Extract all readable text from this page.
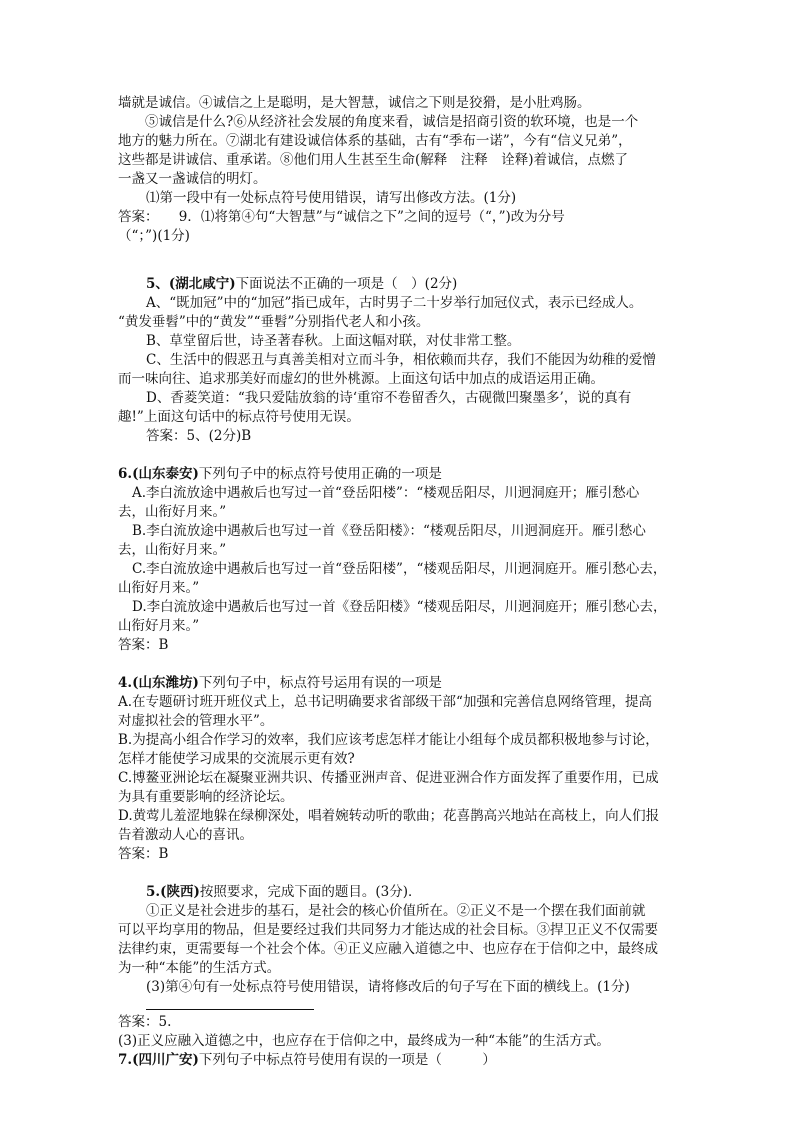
墙就是诚信。④诚信之上是聪明，是大智慧，诚信之下则是狡猾，是小肚鸡肠。

⑤诚信是什么?⑥从经济社会发展的角度来看，诚信是招商引资的软环境，也是一个

地方的魅力所在。⑦湖北有建设诚信体系的基础，古有“季布一诺”，今有“信义兄弟”，

这些都是讲诚信、重承诺。⑧他们用人生甚至生命(解释　注释　诠释)着诚信，点燃了

一盏又一盏诚信的明灯。

⑴第一段中有一处标点符号使用错误，请写出修改方法。(1分)

答案：　　9．⑴将第④句“大智慧”与“诚信之下”之间的逗号（“，”)改为分号

（“；”)(1分)

5、(湖北咸宁)下面说法不正确的一项是（　）(2分)

A、“既加冠”中的“加冠”指已成年，古时男子二十岁举行加冠仪式，表示已经成人。

“黄发垂髫”中的“黄发”“垂髫”分别指代老人和小孩。

B、草堂留后世，诗圣著春秋。上面这幅对联，对仗非常工整。

C、生活中的假恶丑与真善美相对立而斗争，相依赖而共存，我们不能因为幼稚的爱憎

而一味向往、追求那美好而虚幻的世外桃源。上面这句话中加点的成语运用正确。

D、香菱笑道：“我只爱陆放翁的诗‘重帘不卷留香久，古砚微凹聚墨多’，说的真有

趣!”上面这句话中的标点符号使用无误。

答案：5、(2分)B

6.(山东泰安)下列句子中的标点符号使用正确的一项是

A.李白流放途中遇赦后也写过一首“登岳阳楼”：“楼观岳阳尽，川迥洞庭开；雁引愁心

去，山衔好月来。”

B.李白流放途中遇赦后也写过一首《登岳阳楼》：“楼观岳阳尽，川迥洞庭开。雁引愁心

去，山衔好月来。”

C.李白流放途中遇赦后也写过一首“登岳阳楼”，“楼观岳阳尽，川迥洞庭开。雁引愁心去，

山衔好月来。”

D.李白流放途中遇赦后也写过一首《登岳阳楼》“楼观岳阳尽，川迥洞庭开；雁引愁心去，

山衔好月来。”

答案：B

4.(山东潍坊)下列句子中，标点符号运用有误的一项是

A.在专题研讨班开班仪式上，总书记明确要求省部级干部“加强和完善信息网络管理，提高

对虚拟社会的管理水平”。

B.为提高小组合作学习的效率，我们应该考虑怎样才能让小组每个成员都积极地参与讨论，

怎样才能使学习成果的交流展示更有效?

C.博鳌亚洲论坛在凝聚亚洲共识、传播亚洲声音、促进亚洲合作方面发挥了重要作用，已成

为具有重要影响的经济论坛。

D.黄莺儿羞涩地躲在绿柳深处，唱着婉转动听的歌曲；花喜鹊高兴地站在高枝上，向人们报

告着激动人心的喜讯。

答案：B

5.(陕西)按照要求，完成下面的题目。(3分)．

①正义是社会进步的基石，是社会的核心价值所在。②正义不是一个摆在我们面前就

可以平均享用的物品，但是要经过我们共同努力才能达成的社会目标。③捍卫正义不仅需要

法律约束，更需要每一个社会个体。④正义应融入道德之中、也应存在于信仰之中，最终成

为一种“本能”的生活方式。

(3)第④句有一处标点符号使用错误，请将修改后的句子写在下面的横线上。(1分)

答案：5.

(3)正义应融入道德之中，也应存在于信仰之中，最终成为一种“本能”的生活方式。

7.(四川广安)下列句子中标点符号使用有误的一项是（　　　）
